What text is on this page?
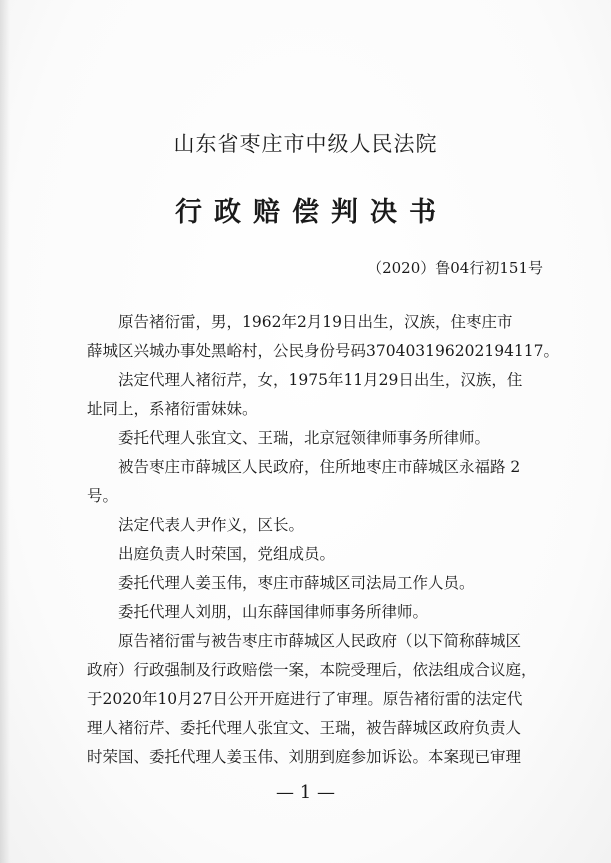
山东省枣庄市中级人民法院
行政赔偿判决书
（2020）鲁04行初151号
原告褚衍雷，男，1962年2月19日出生，汉族，住枣庄市
薛城区兴城办事处黑峪村，公民身份号码370403196202194117。
法定代理人褚衍芹，女，1975年11月29日出生，汉族，住
址同上，系褚衍雷妹妹。
委托代理人张宜文、王瑞，北京冠领律师事务所律师。
被告枣庄市薛城区人民政府，住所地枣庄市薛城区永福路 2
号。
法定代表人尹作义，区长。
出庭负责人时荣国，党组成员。
委托代理人姜玉伟，枣庄市薛城区司法局工作人员。
委托代理人刘朋，山东薛国律师事务所律师。
原告褚衍雷与被告枣庄市薛城区人民政府（以下简称薛城区
政府）行政强制及行政赔偿一案，本院受理后，依法组成合议庭，
于2020年10月27日公开开庭进行了审理。原告褚衍雷的法定代
理人褚衍芹、委托代理人张宜文、王瑞，被告薛城区政府负责人
时荣国、委托代理人姜玉伟、刘朋到庭参加诉讼。本案现已审理
— 1 —
